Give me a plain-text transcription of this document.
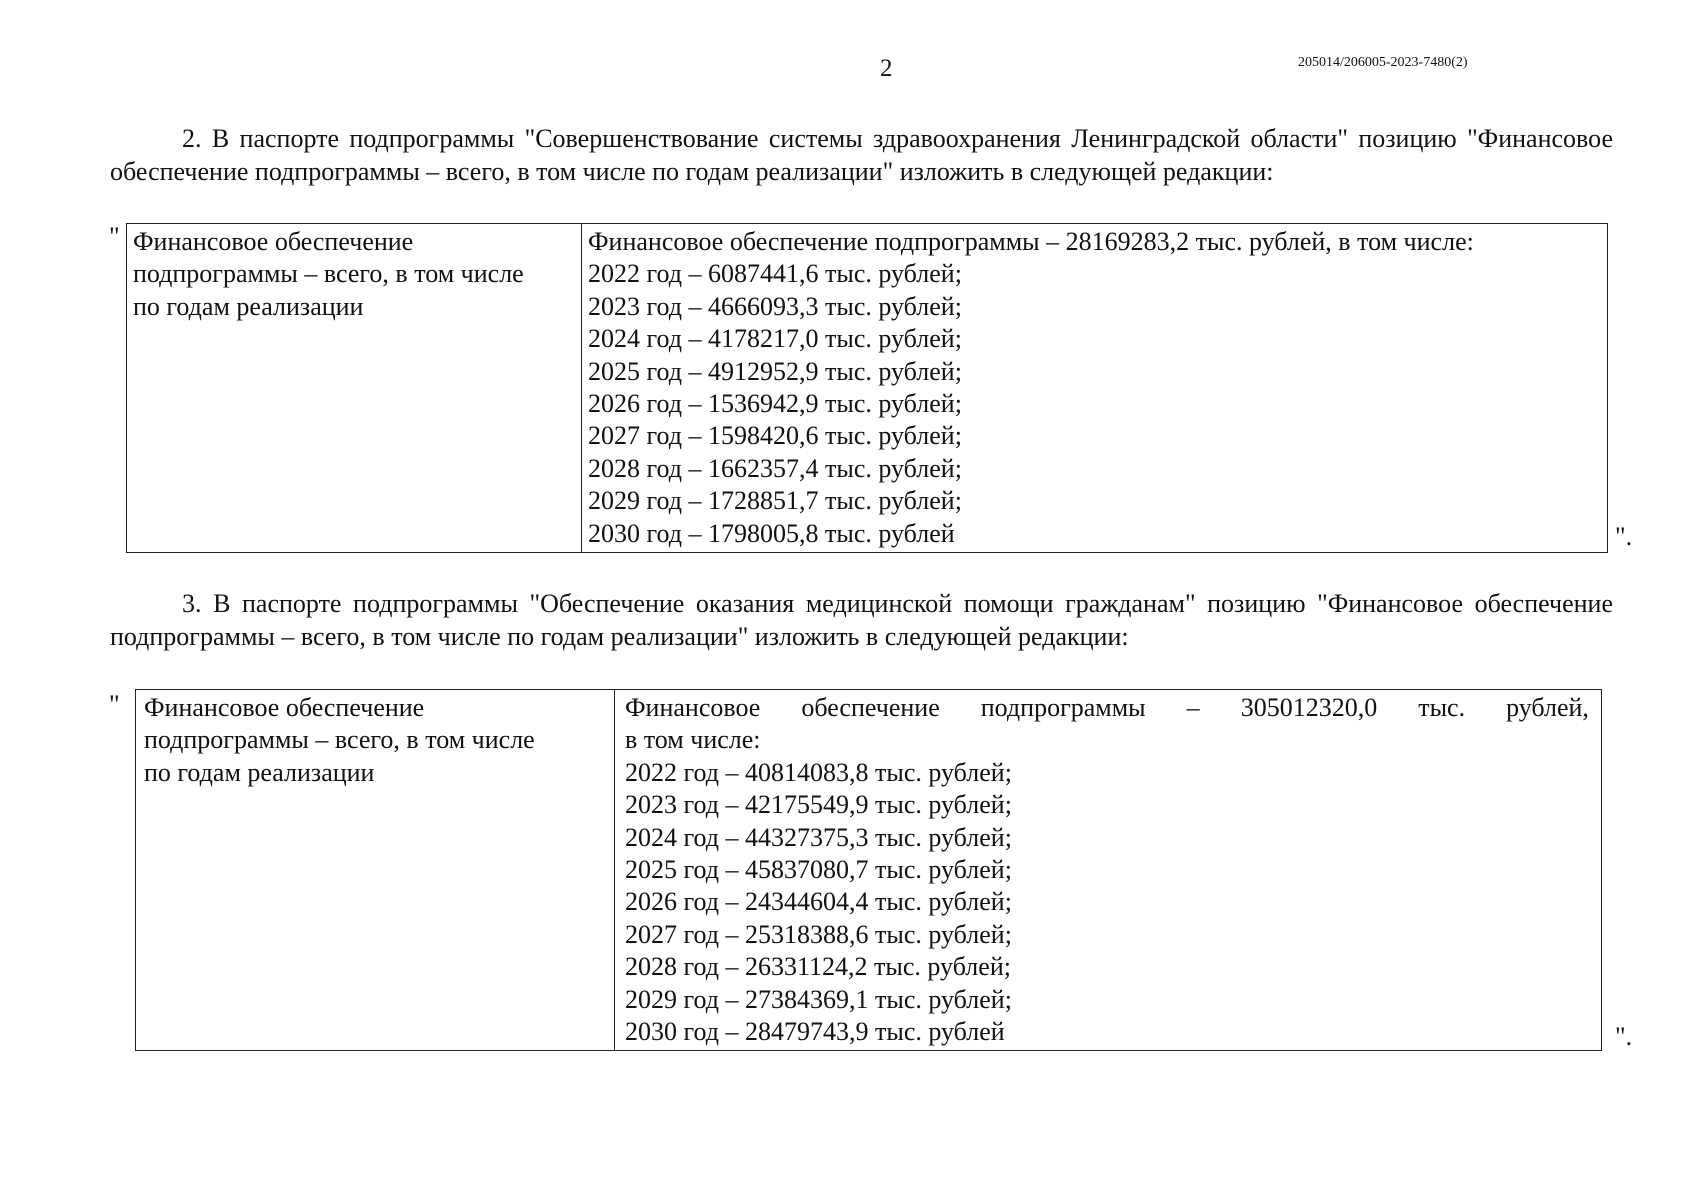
2	205014/206005-2023-7480(2)

2. В паспорте подпрограммы "Совершенствование системы здравоохранения Ленинградской области" позицию "Финансовое обеспечение подпрограммы – всего, в том числе по годам реализации" изложить в следующей редакции:

" Финансовое обеспечение
подпрограммы – всего, в том числе
по годам реализации

Финансовое обеспечение подпрограммы – 28169283,2 тыс. рублей, в том числе:
2022 год – 6087441,6 тыс. рублей;
2023 год – 4666093,3 тыс. рублей;
2024 год – 4178217,0 тыс. рублей;
2025 год – 4912952,9 тыс. рублей;
2026 год – 1536942,9 тыс. рублей;
2027 год – 1598420,6 тыс. рублей;
2028 год – 1662357,4 тыс. рублей;
2029 год – 1728851,7 тыс. рублей;
2030 год – 1798005,8 тыс. рублей	".

3. В паспорте подпрограммы "Обеспечение оказания медицинской помощи гражданам" позицию "Финансовое обеспечение подпрограммы – всего, в том числе по годам реализации" изложить в следующей редакции:

" Финансовое обеспечение
подпрограммы – всего, в том числе
по годам реализации

Финансовое обеспечение подпрограммы – 305012320,0 тыс. рублей,
в том числе:
2022 год – 40814083,8 тыс. рублей;
2023 год – 42175549,9 тыс. рублей;
2024 год – 44327375,3 тыс. рублей;
2025 год – 45837080,7 тыс. рублей;
2026 год – 24344604,4 тыс. рублей;
2027 год – 25318388,6 тыс. рублей;
2028 год – 26331124,2 тыс. рублей;
2029 год – 27384369,1 тыс. рублей;
2030 год – 28479743,9 тыс. рублей	".
